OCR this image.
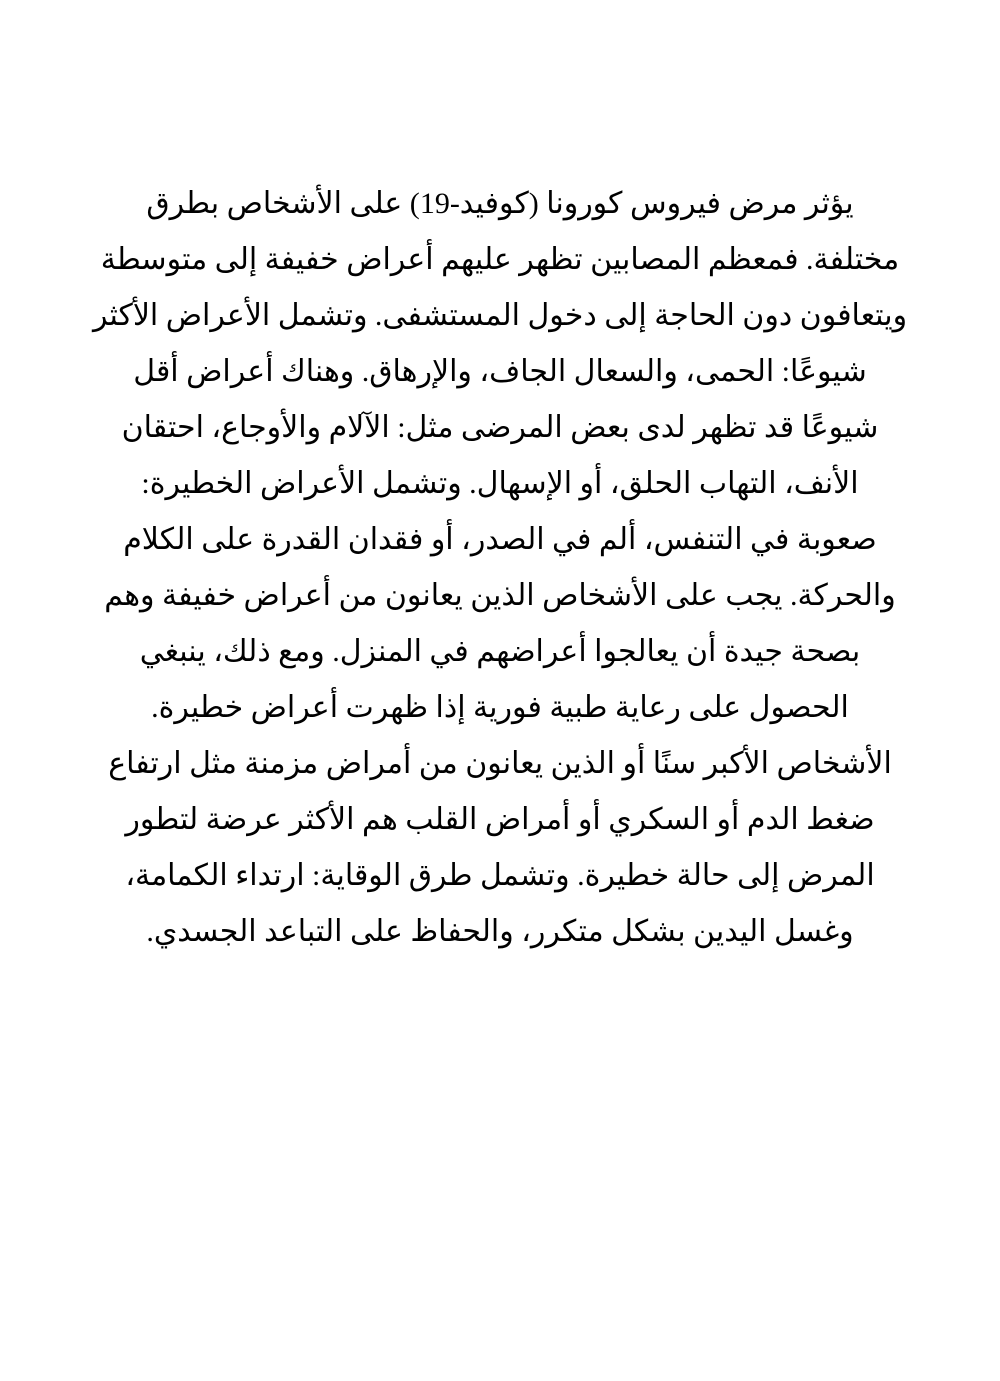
يؤثر مرض فيروس كورونا (كوفيد-19) على الأشخاص بطرق
مختلفة. فمعظم المصابين تظهر عليهم أعراض خفيفة إلى متوسطة
ويتعافون دون الحاجة إلى دخول المستشفى. وتشمل الأعراض الأكثر
شيوعًا: الحمى، والسعال الجاف، والإرهاق. وهناك أعراض أقل
شيوعًا قد تظهر لدى بعض المرضى مثل: الآلام والأوجاع، احتقان
الأنف، التهاب الحلق، أو الإسهال. وتشمل الأعراض الخطيرة:
صعوبة في التنفس، ألم في الصدر، أو فقدان القدرة على الكلام
والحركة. يجب على الأشخاص الذين يعانون من أعراض خفيفة وهم
بصحة جيدة أن يعالجوا أعراضهم في المنزل. ومع ذلك، ينبغي
الحصول على رعاية طبية فورية إذا ظهرت أعراض خطيرة.
الأشخاص الأكبر سنًا أو الذين يعانون من أمراض مزمنة مثل ارتفاع
ضغط الدم أو السكري أو أمراض القلب هم الأكثر عرضة لتطور
المرض إلى حالة خطيرة. وتشمل طرق الوقاية: ارتداء الكمامة،
وغسل اليدين بشكل متكرر، والحفاظ على التباعد الجسدي.
